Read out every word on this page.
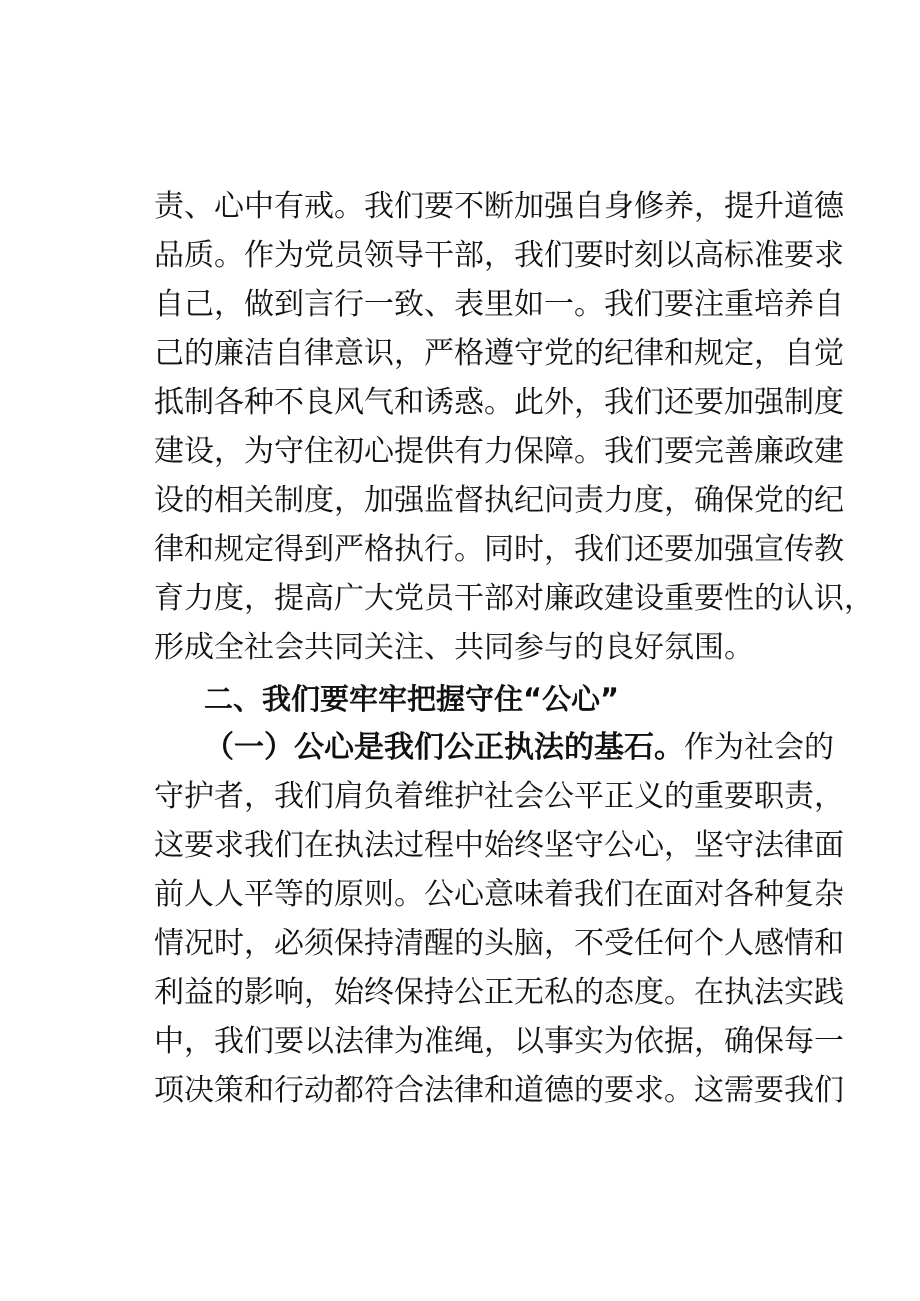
责、心中有戒。我们要不断加强自身修养，提升道德
品质。作为党员领导干部，我们要时刻以高标准要求
自己，做到言行一致、表里如一。我们要注重培养自
己的廉洁自律意识，严格遵守党的纪律和规定，自觉
抵制各种不良风气和诱惑。此外，我们还要加强制度
建设，为守住初心提供有力保障。我们要完善廉政建
设的相关制度，加强监督执纪问责力度，确保党的纪
律和规定得到严格执行。同时，我们还要加强宣传教
育力度，提高广大党员干部对廉政建设重要性的认识，
形成全社会共同关注、共同参与的良好氛围。
二、我们要牢牢把握守住“公心”
（一）公心是我们公正执法的基石。作为社会的
守护者，我们肩负着维护社会公平正义的重要职责，
这要求我们在执法过程中始终坚守公心，坚守法律面
前人人平等的原则。公心意味着我们在面对各种复杂
情况时，必须保持清醒的头脑，不受任何个人感情和
利益的影响，始终保持公正无私的态度。在执法实践
中，我们要以法律为准绳，以事实为依据，确保每一
项决策和行动都符合法律和道德的要求。这需要我们
